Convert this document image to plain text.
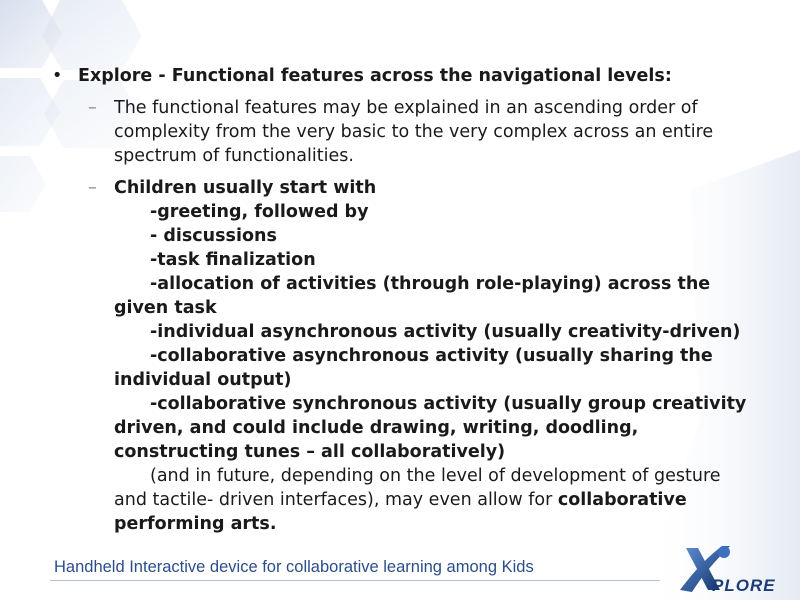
• Explore - Functional features across the navigational levels:
– The functional features may be explained in an ascending order of complexity from the very basic to the very complex across an entire spectrum of functionalities.
– Children usually start with
-greeting, followed by
- discussions
-task finalization
-allocation of activities (through role-playing) across the given task
-individual asynchronous activity (usually creativity-driven)
-collaborative asynchronous activity (usually sharing the individual output)
-collaborative synchronous activity (usually group creativity driven, and could include drawing, writing, doodling, constructing tunes – all collaboratively)
(and in future, depending on the level of development of gesture and tactile- driven interfaces), may even allow for collaborative performing arts.
Handheld Interactive device for collaborative learning among Kids
PLORE
